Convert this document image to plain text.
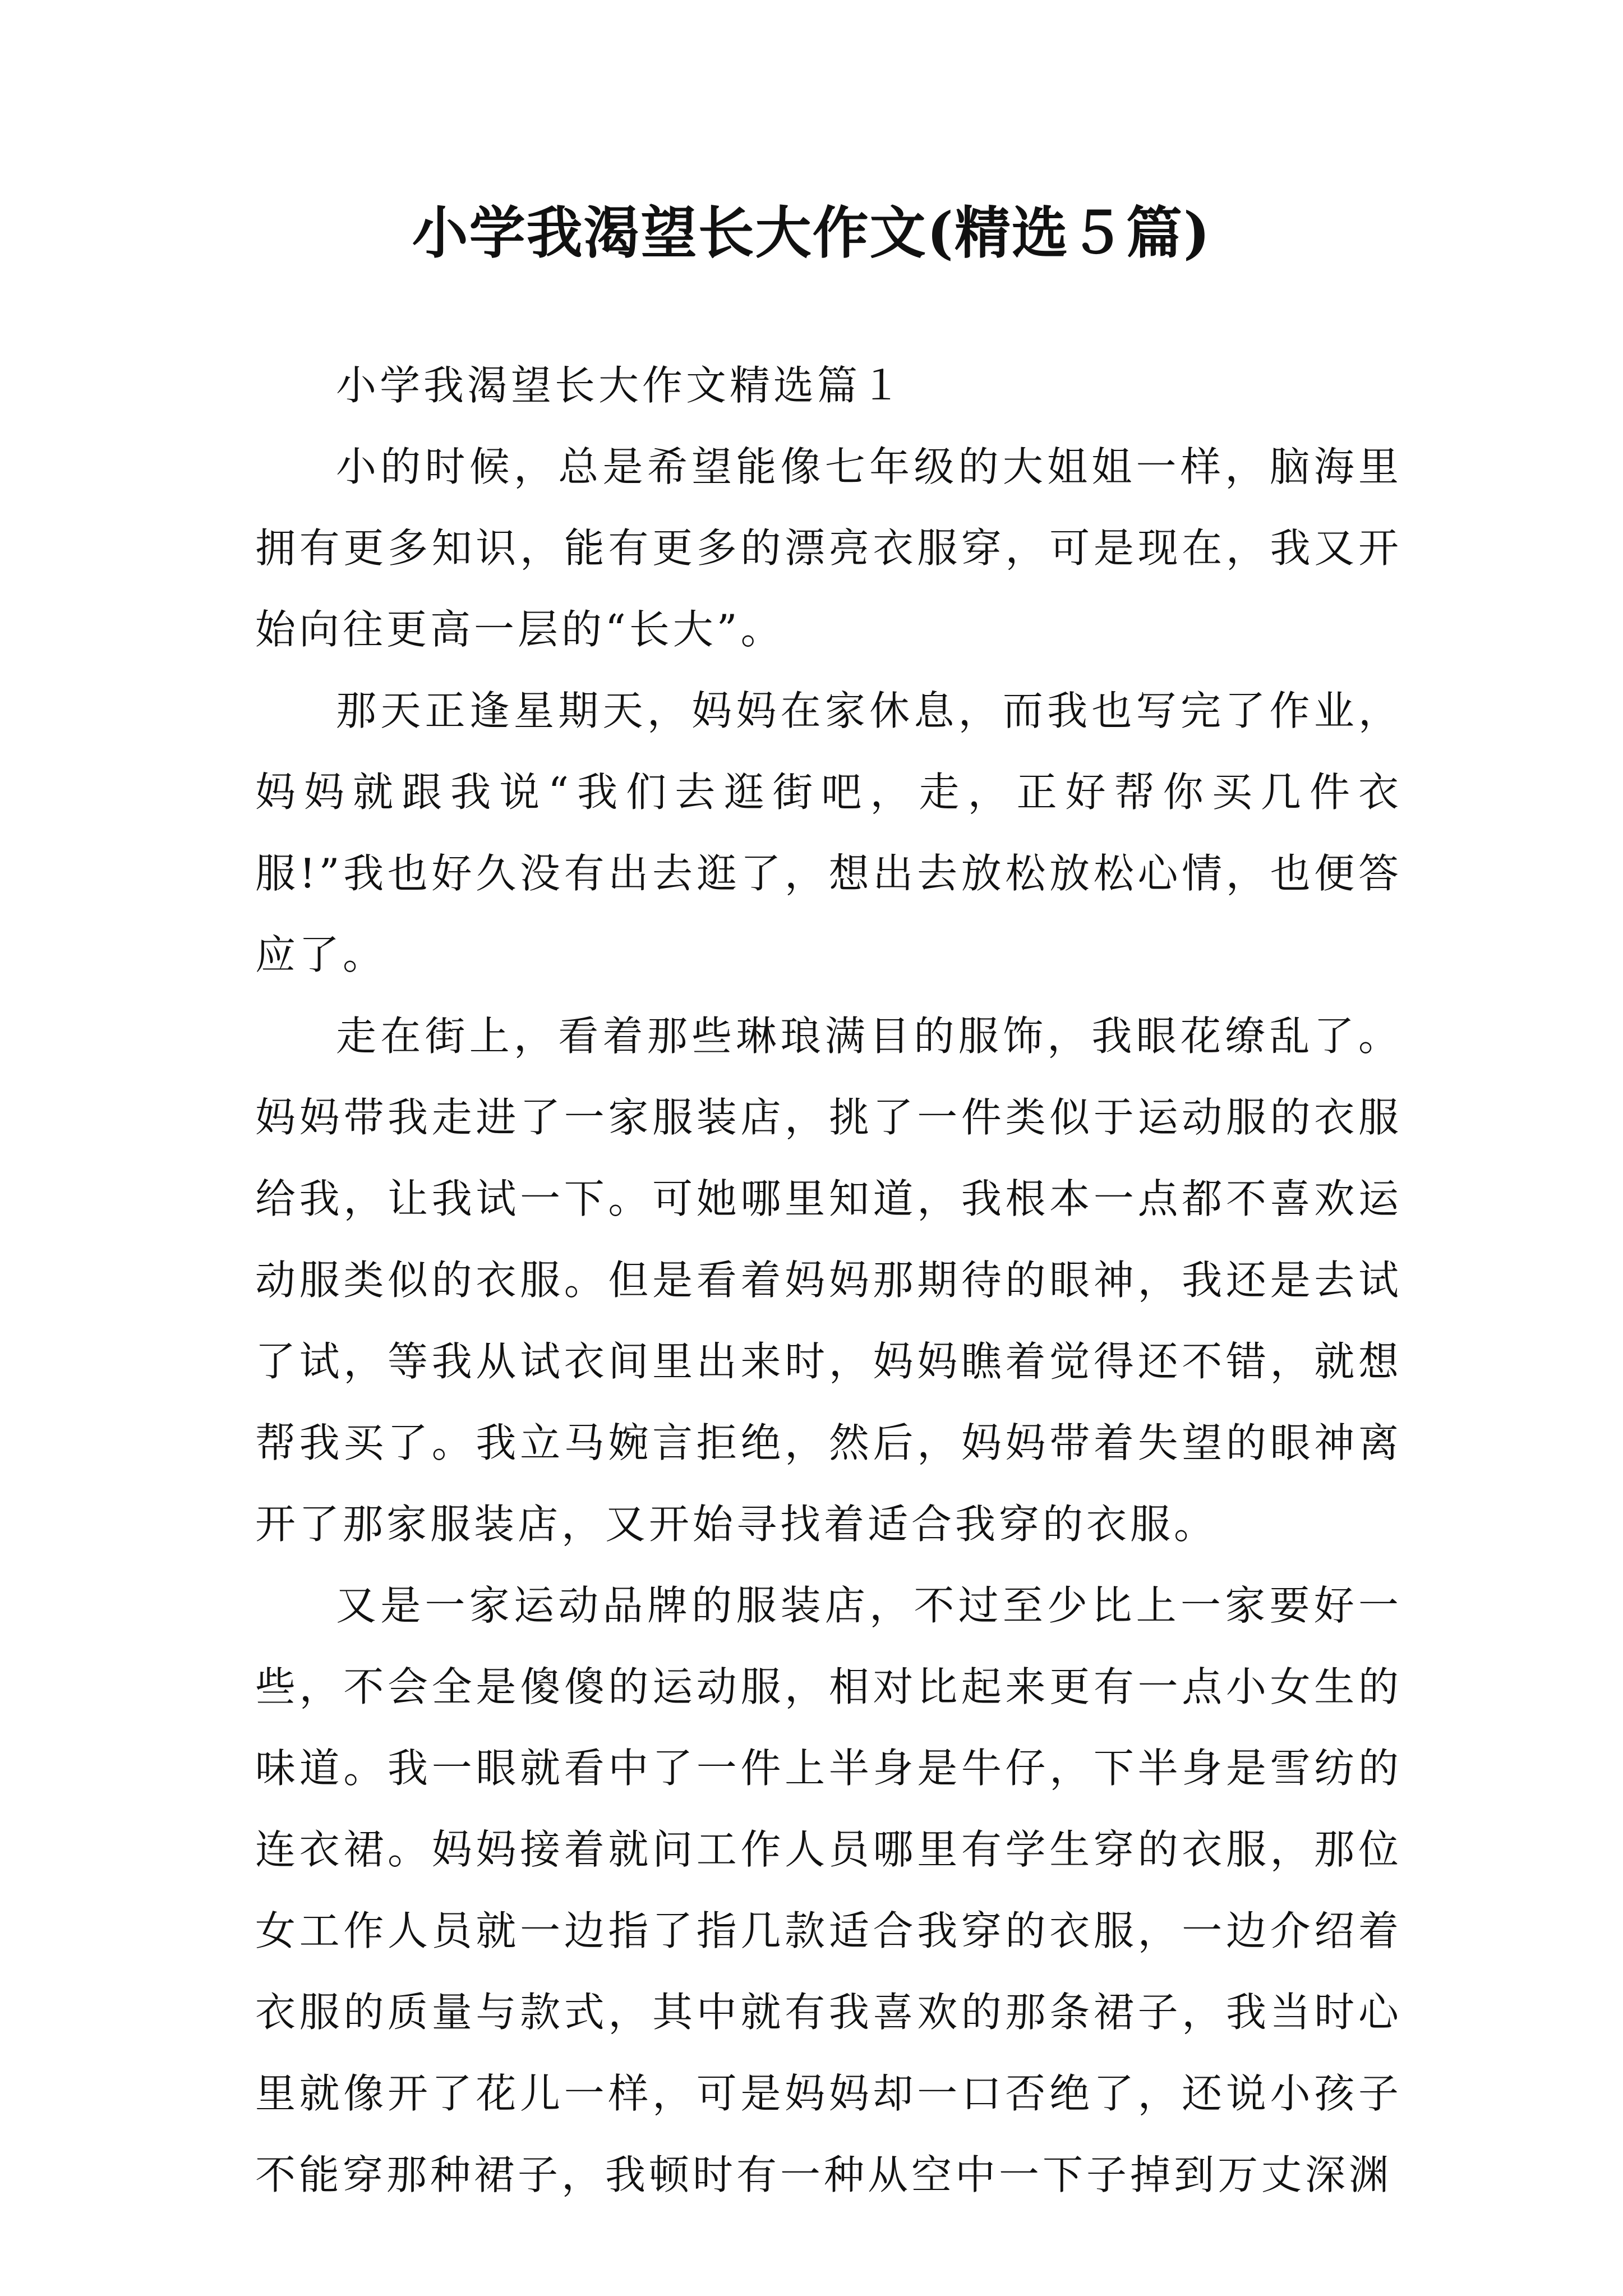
小学我渴望长大作文(精选５篇)

小学我渴望长大作文精选篇１

小的时候，总是希望能像七年级的大姐姐一样，脑海里拥有更多知识，能有更多的漂亮衣服穿，可是现在，我又开始向往更高一层的“长大”。

那天正逢星期天，妈妈在家休息，而我也写完了作业，妈妈就跟我说“我们去逛街吧，走，正好帮你买几件衣服!”我也好久没有出去逛了，想出去放松放松心情，也便答应了。

走在街上，看着那些琳琅满目的服饰，我眼花缭乱了。妈妈带我走进了一家服装店，挑了一件类似于运动服的衣服给我，让我试一下。可她哪里知道，我根本一点都不喜欢运动服类似的衣服。但是看着妈妈那期待的眼神，我还是去试了试，等我从试衣间里出来时，妈妈瞧着觉得还不错，就想帮我买了。我立马婉言拒绝，然后，妈妈带着失望的眼神离开了那家服装店，又开始寻找着适合我穿的衣服。

又是一家运动品牌的服装店，不过至少比上一家要好一些，不会全是傻傻的运动服，相对比起来更有一点小女生的味道。我一眼就看中了一件上半身是牛仔，下半身是雪纺的连衣裙。妈妈接着就问工作人员哪里有学生穿的衣服，那位女工作人员就一边指了指几款适合我穿的衣服，一边介绍着衣服的质量与款式，其中就有我喜欢的那条裙子，我当时心里就像开了花儿一样，可是妈妈却一口否绝了，还说小孩子不能穿那种裙子，我顿时有一种从空中一下子掉到万丈深渊
